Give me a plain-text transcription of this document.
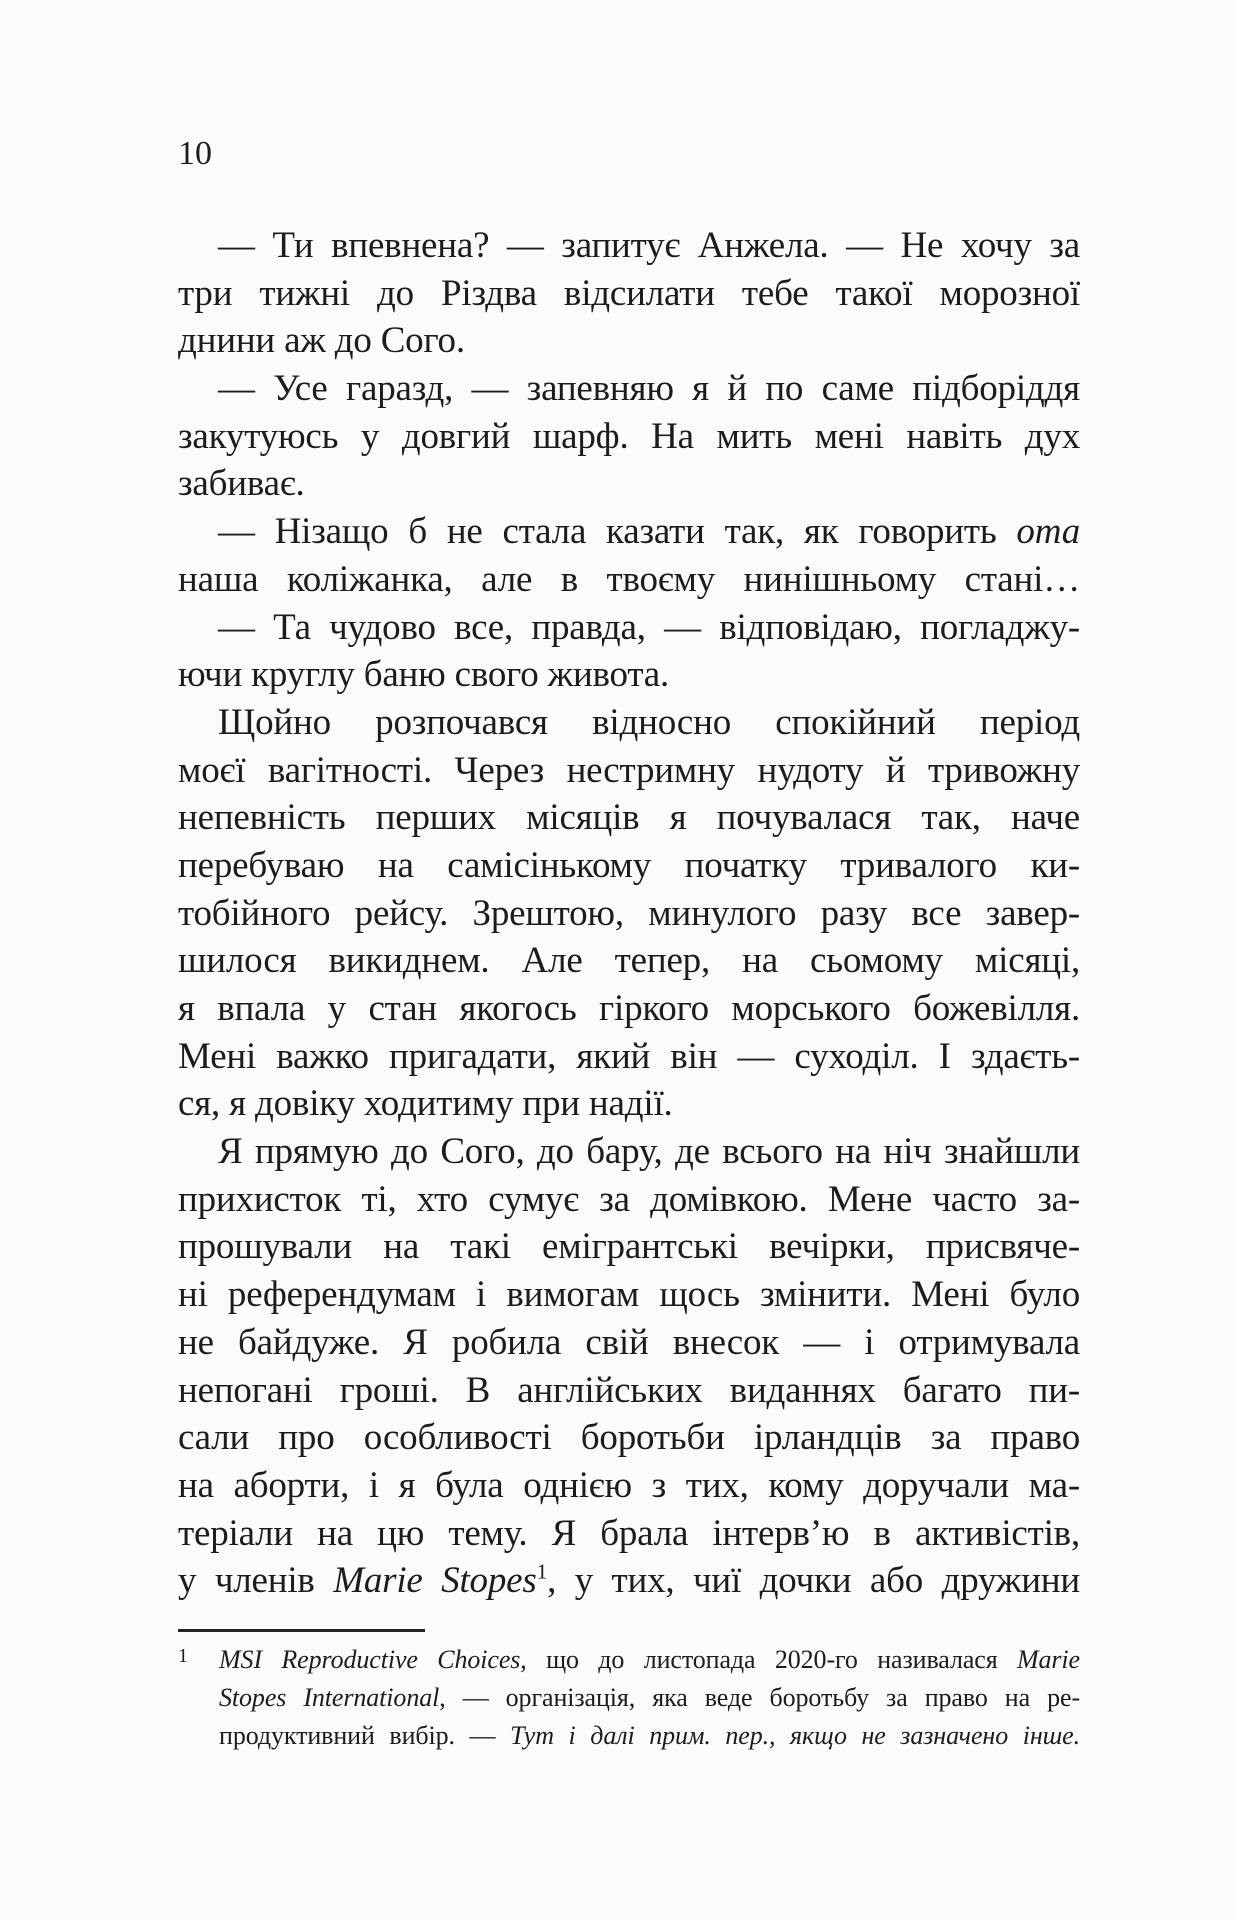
10
— Ти впевнена? — запитує Анжела. — Не хочу за
три тижні до Різдва відсилати тебе такої морозної
днини аж до Сого.
— Усе гаразд, — запевняю я й по саме підборіддя
закутуюсь у довгий шарф. На мить мені навіть дух
забиває.
— Нізащо б не стала казати так, як говорить ота
наша коліжанка, але в твоєму нинішньому стані…
— Та чудово все, правда, — відповідаю, погладжу-
ючи круглу баню свого живота.
Щойно розпочався відносно спокійний період
моєї вагітності. Через нестримну нудоту й тривожну
непевність перших місяців я почувалася так, наче
перебуваю на самісінькому початку тривалого ки-
тобійного рейсу. Зрештою, минулого разу все завер-
шилося викиднем. Але тепер, на сьомому місяці,
я впала у стан якогось гіркого морського божевілля.
Мені важко пригадати, який він — суходіл. І здаєть-
ся, я довіку ходитиму при надії.
Я прямую до Сого, до бару, де всього на ніч знайшли
прихисток ті, хто сумує за домівкою. Мене часто за-
прошували на такі емігрантські вечірки, присвяче-
ні референдумам і вимогам щось змінити. Мені було
не байдуже. Я робила свій внесок — і отримувала
непогані гроші. В англійських виданнях багато пи-
сали про особливості боротьби ірландців за право
на аборти, і я була однією з тих, кому доручали ма-
теріали на цю тему. Я брала інтерв’ю в активістів,
у членів Marie Stopes$^1$, у тих, чиї дочки або дружини
1 MSI Reproductive Choices, що до листопада 2020-го називалася Marie
Stopes International, — організація, яка веде боротьбу за право на ре-
продуктивний вибір. — Тут і далі прим. пер., якщо не зазначено інше.
